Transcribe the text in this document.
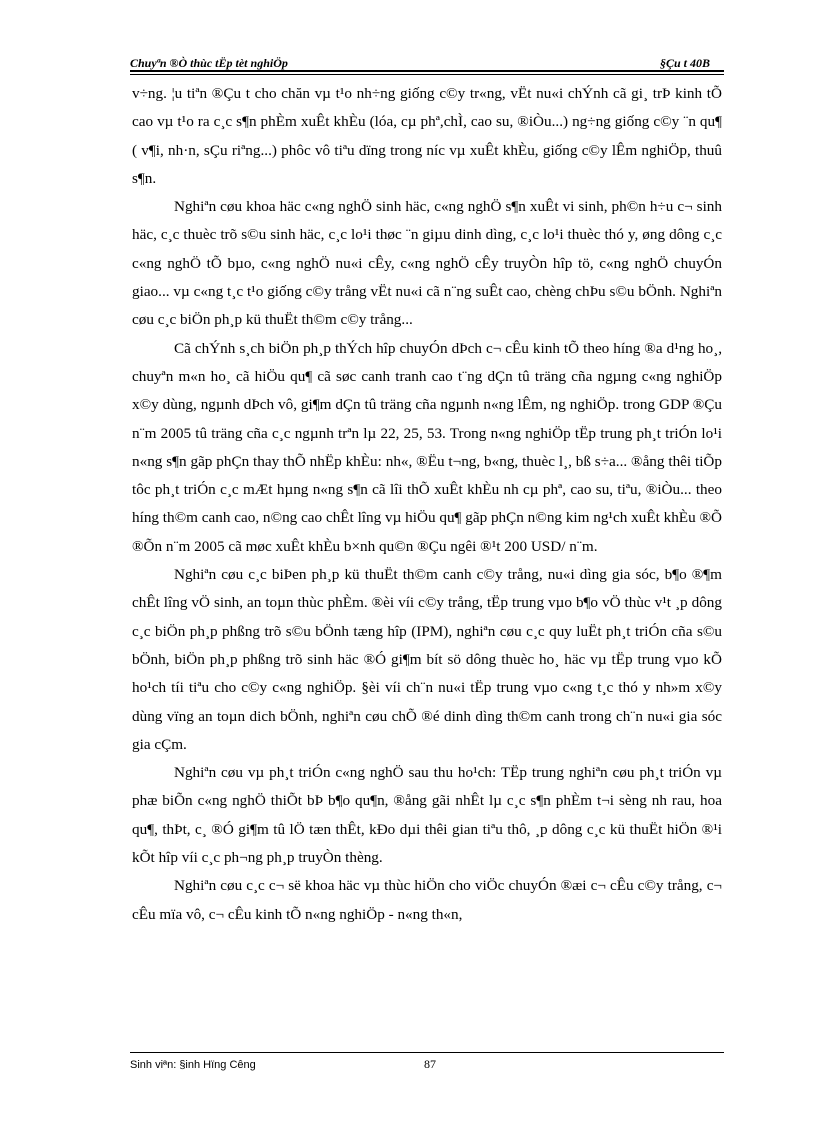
Chuyªn ®Ò thùc tËp tèt nghiÖp	§Çu t 40B

v÷ng. ¦u tiªn ®Çu t cho chăn vµ t¹o nh÷ng giống c©y tr«ng, vËt nu«i chÝnh cã gi¸ trÞ kinh tÕ cao vµ t¹o ra c¸c s¶n phÈm xuÊt khÈu (lóa, cµ phª,chÌ, cao su, ®iÒu...) ng÷ng giống c©y ¨n qu¶ ( v¶i, nh·n, sÇu riªng...) phôc vô tiªu dïng trong níc vµ xuÊt khÈu, giống c©y lÊm nghiÖp, thuû s¶n.

Nghiªn cøu khoa häc c«ng nghÖ sinh häc, c«ng nghÖ s¶n xuÊt vi sinh, ph©n h÷u c¬ sinh häc, c¸c thuèc trõ s©u sinh häc, c¸c lo¹i thøc ¨n giµu dinh dìng, c¸c lo¹i thuèc thó y, øng dông c¸c c«ng nghÖ tÕ bµo, c«ng nghÖ nu«i cÊy, c«ng nghÖ cÊy truyÒn hîp tö, c«ng nghÖ chuyÓn giao... vµ c«ng t¸c t¹o giống c©y trång vËt nu«i cã n¨ng suÊt cao, chèng chÞu s©u bÖnh. Nghiªn cøu c¸c biÖn ph¸p kü thuËt th©m c©y trång...

Cã chÝnh s¸ch biÖn ph¸p thÝch hîp chuyÓn dÞch c¬ cÊu kinh tÕ theo híng ®a d¹ng ho¸, chuyªn m«n ho¸ cã hiÖu qu¶ cã søc canh tranh cao t¨ng dÇn tû träng cña ngµng c«ng nghiÖp x©y dùng, ngµnh dÞch vô, gi¶m dÇn tû träng cña ngµnh n«ng lÊm, ng nghiÖp. trong GDP ®Çu n¨m 2005 tû träng cña c¸c ngµnh trªn lµ 22, 25, 53. Trong n«ng nghiÖp tËp trung ph¸t triÓn lo¹i n«ng s¶n gãp phÇn thay thÕ nhËp khÈu: nh«, ®Ëu t¬ng, b«ng, thuèc l¸, bß s÷a... ®ång thêi tiÕp tôc ph¸t triÓn c¸c mÆt hµng n«ng s¶n cã lîi thÕ xuÊt khÈu nh cµ phª, cao su, tiªu, ®iÒu... theo híng th©m canh cao, n©ng cao chÊt lîng vµ hiÖu qu¶ gãp phÇn n©ng kim ng¹ch xuÊt khÈu ®Õ ®Õn n¨m 2005 cã møc xuÊt khÈu b×nh qu©n ®Çu ngêi ®¹t 200 USD/ n¨m.

Nghiªn cøu c¸c biÞen ph¸p kü thuËt th©m canh c©y trång, nu«i dìng gia sóc, b¶o ®¶m chÊt lîng vÖ sinh, an toµn thùc phÈm. ®èi víi c©y trång, tËp trung vµo b¶o vÖ thùc v¹t ¸p dông c¸c biÖn ph¸p phßng trõ s©u bÖnh tæng hîp (IPM), nghiªn cøu c¸c quy luËt ph¸t triÓn cña s©u bÖnh, biÖn ph¸p phßng trõ sinh häc ®Ó gi¶m bít sö dông thuèc ho¸ häc vµ tËp trung vµo kÕ ho¹ch tíi tiªu cho c©y c«ng nghiÖp. §èi víi ch¨n nu«i tËp trung vµo c«ng t¸c thó y nh»m x©y dùng vïng an toµn dich bÖnh, nghiªn cøu chÕ ®é dinh dìng th©m canh trong ch¨n nu«i gia sóc gia cÇm.

Nghiªn cøu vµ ph¸t triÓn c«ng nghÖ sau thu ho¹ch: TËp trung nghiªn cøu ph¸t triÓn vµ phæ biÕn c«ng nghÖ thiÕt bÞ b¶o qu¶n, ®ång gãi nhÊt lµ c¸c s¶n phÈm t¬i sèng nh rau, hoa qu¶, thÞt, c¸ ®Ó gi¶m tû lÖ tæn thÊt, kÐo dµi thêi gian tiªu thô, ¸p dông c¸c kü thuËt hiÖn ®¹i kÕt hîp víi c¸c ph¬ng ph¸p truyÒn thèng.

Nghiªn cøu c¸c c¬ së khoa häc vµ thùc hiÖn cho viÖc chuyÓn ®æi c¬ cÊu c©y trång, c¬ cÊu mïa vô, c¬ cÊu kinh tÕ n«ng nghiÖp - n«ng th«n,

Sinh viªn: §inh Hïng Cêng	87
